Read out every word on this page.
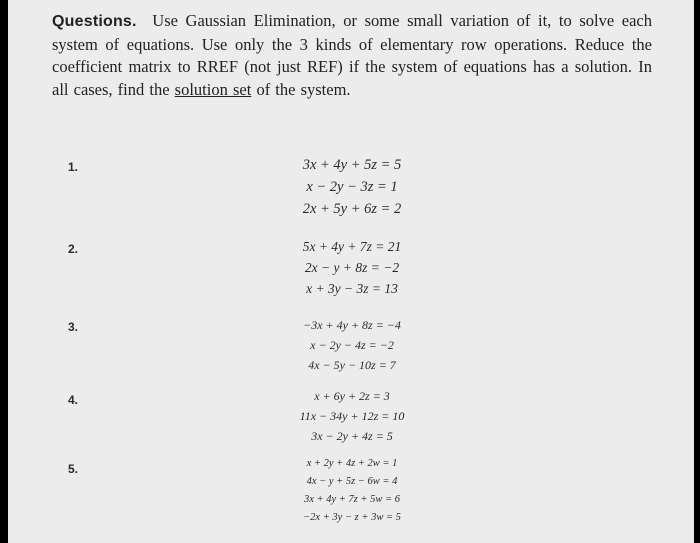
Questions. Use Gaussian Elimination, or some small variation of it, to solve each system of equations. Use only the 3 kinds of elementary row operations. Reduce the coefficient matrix to RREF (not just REF) if the system of equations has a solution. In all cases, find the solution set of the system.
1.	3x + 4y + 5z = 5
x − 2y − 3z = 1
2x + 5y + 6z = 2
2.	5x + 4y + 7z = 21
2x − y + 8z = −2
x + 3y − 3z = 13
3.	−3x + 4y + 8z = −4
x − 2y − 4z = −2
4x − 5y − 10z = 7
4.	x + 6y + 2z = 3
11x − 34y + 12z = 10
3x − 2y + 4z = 5
5.	x + 2y + 4z + 2w = 1
4x − y + 5z − 6w = 4
3x + 4y + 7z + 5w = 6
−2x + 3y − z + 3w = 5
